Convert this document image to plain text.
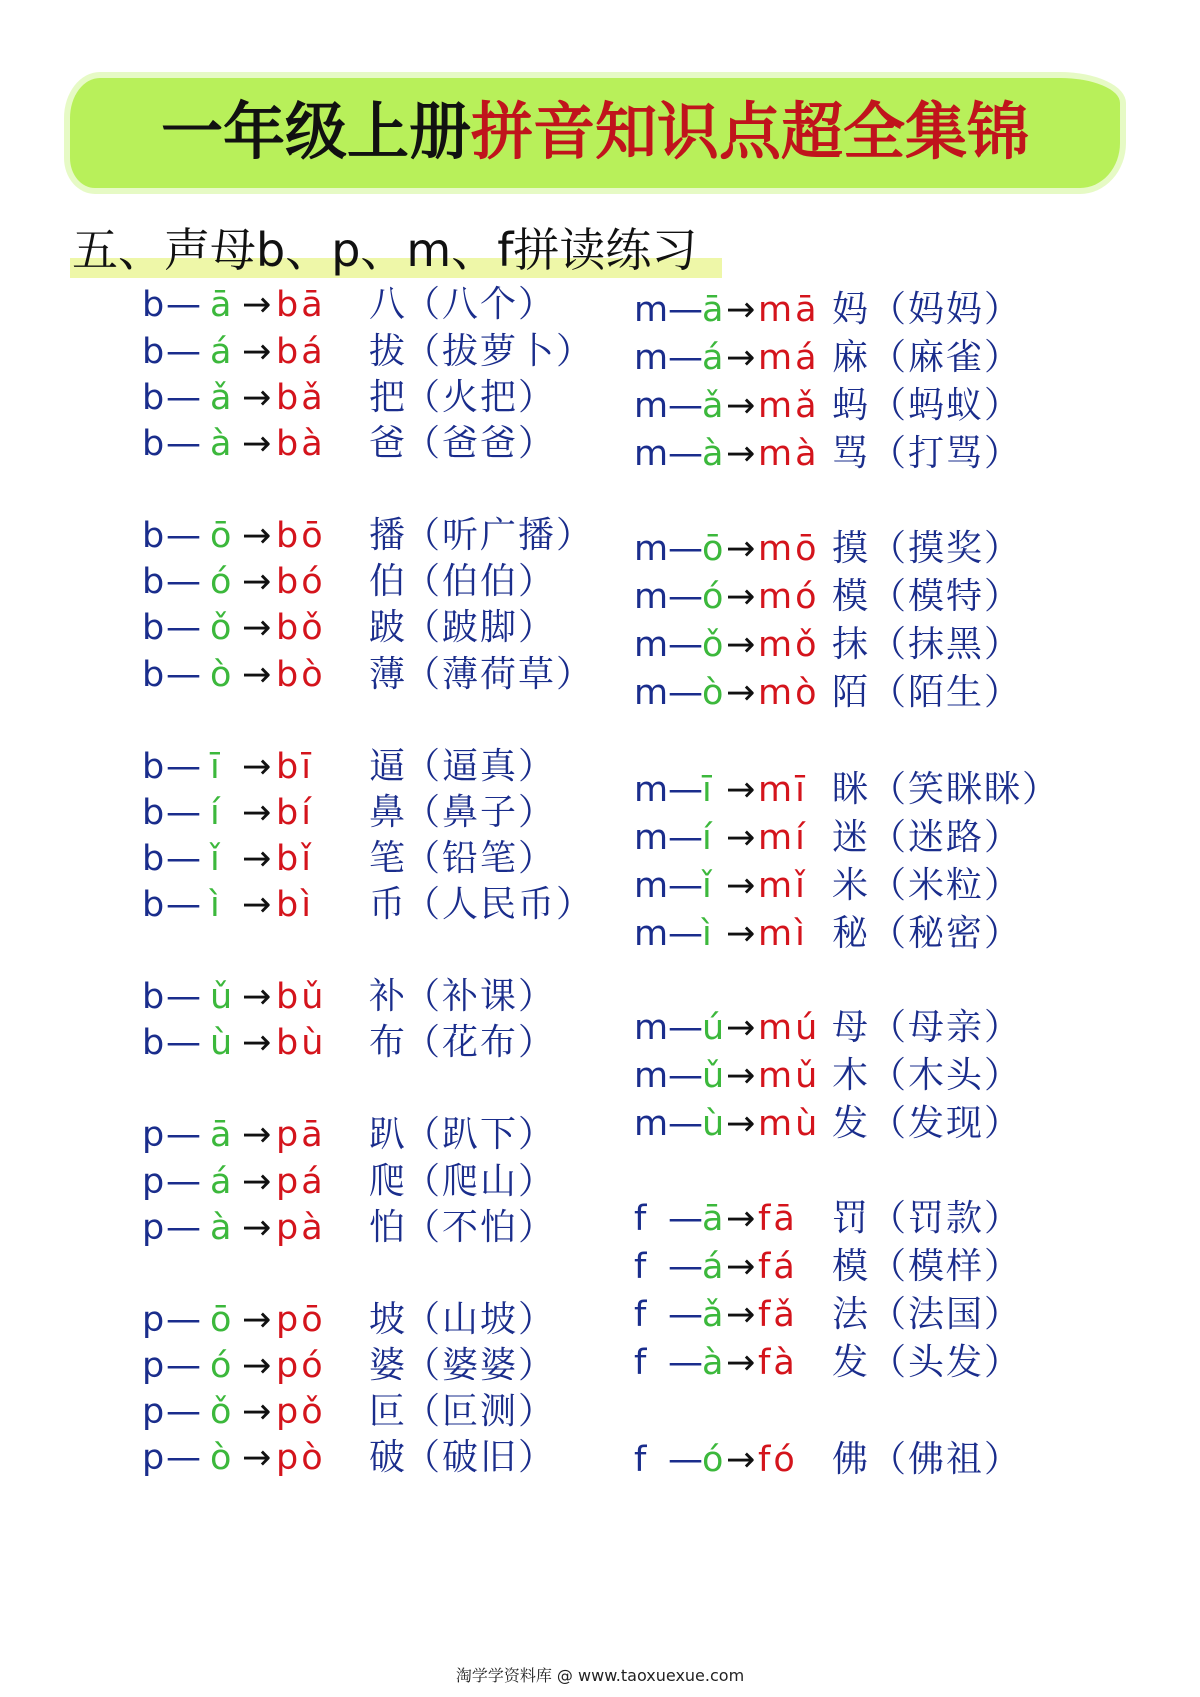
一年级上册拼音知识点超全集锦
五、声母b、p、m、f拼读练习
b — ā → bā 八
（八个）
b — á → bá 拔
（拔萝卜）
b — ǎ → bǎ 把
（火把）
b — à → bà 爸
（爸爸）
b — ō → bō 播
（听广播）
b — ó → bó 伯
（伯伯）
b — ǒ → bǒ 跛
（跛脚）
b — ò → bò 薄
（薄荷草）
b — ī → bī 逼
（逼真）
b — í → bí 鼻
（鼻子）
b — ǐ → bǐ 笔
（铅笔）
b — ì → bì 币
（人民币）
b — ǔ → bǔ 补
（补课）
b — ù → bù 布
（花布）
p — ā → pā 趴
（趴下）
p — á → pá 爬
（爬山）
p — à → pà 怕
（不怕）
p — ō → pō 坡
（山坡）
p — ó → pó 婆
（婆婆）
p — ǒ → pǒ 叵
（叵测）
p — ò → pò 破
（破旧）
m — ā → mā 妈 （妈妈）
m — á → má 麻 （麻雀）
m — ǎ → mǎ 蚂 （蚂蚁）
m — à → mà 骂 （打骂）
m — ō → mō 摸 （摸奖）
m — ó → mó 模 （模特）
m — ǒ → mǒ 抹 （抹黑）
m — ò → mò 陌 （陌生）
m — ī → mī 眯 （笑眯眯）
m — í → mí 迷 （迷路）
m — ǐ → mǐ 米 （米粒）
m — ì → mì 秘 （秘密）
m — ú → mú 母 （母亲）
m — ǔ → mǔ 木 （木头）
m — ù → mù 发 （发现）
f — ā → fā 罚 （罚款）
f — á → fá 模 （模样）
f — ǎ → fǎ 法 （法国）
f — à → fà 发 （头发）
f — ó → fó 佛 （佛祖）
淘学学资料库 @ www.taoxuexue.com
